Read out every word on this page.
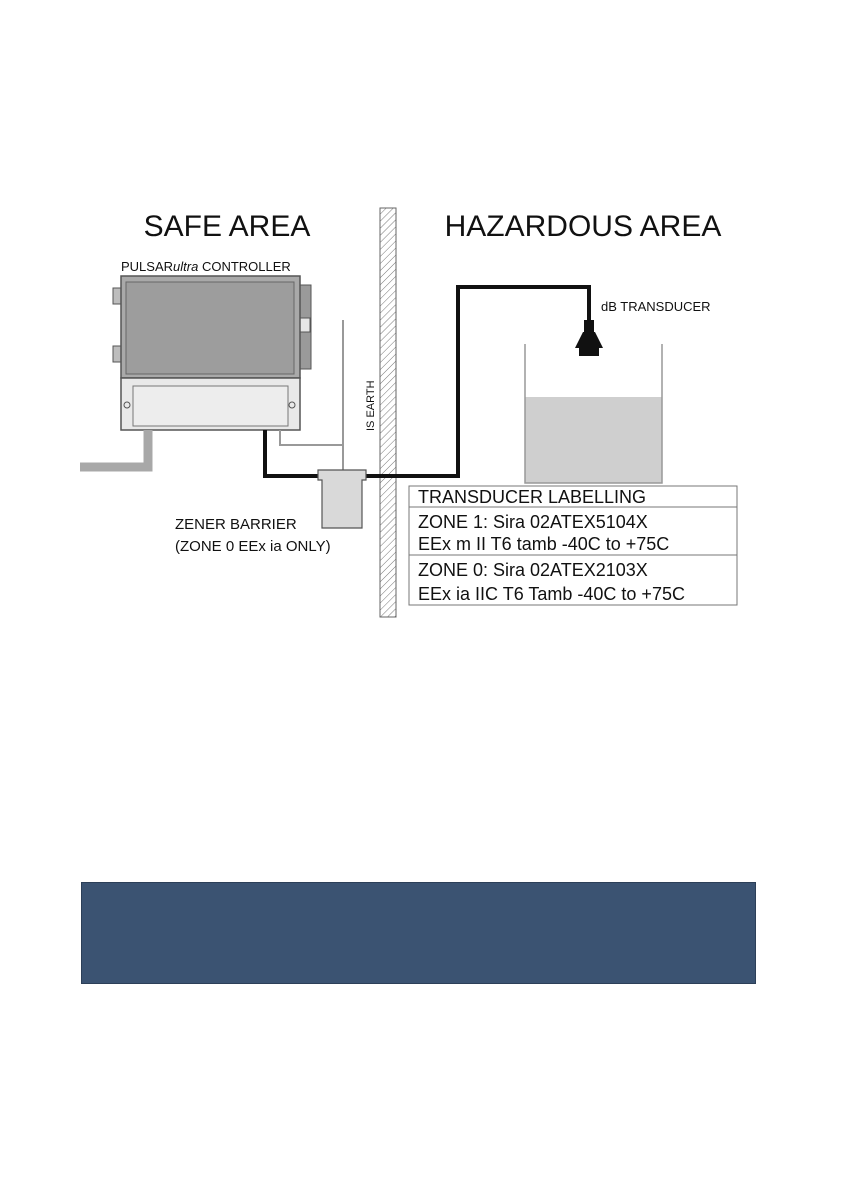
SAFE AREA	HAZARDOUS AREA
PULSARultra CONTROLLER
IS EARTH
ZENER BARRIER
(ZONE 0 EEx ia ONLY)
dB TRANSDUCER
TRANSDUCER LABELLING
ZONE 1: Sira 02ATEX5104X
EEx m II T6 tamb -40C to +75C
ZONE 0: Sira 02ATEX2103X
EEx ia IIC T6 Tamb -40C to +75C
